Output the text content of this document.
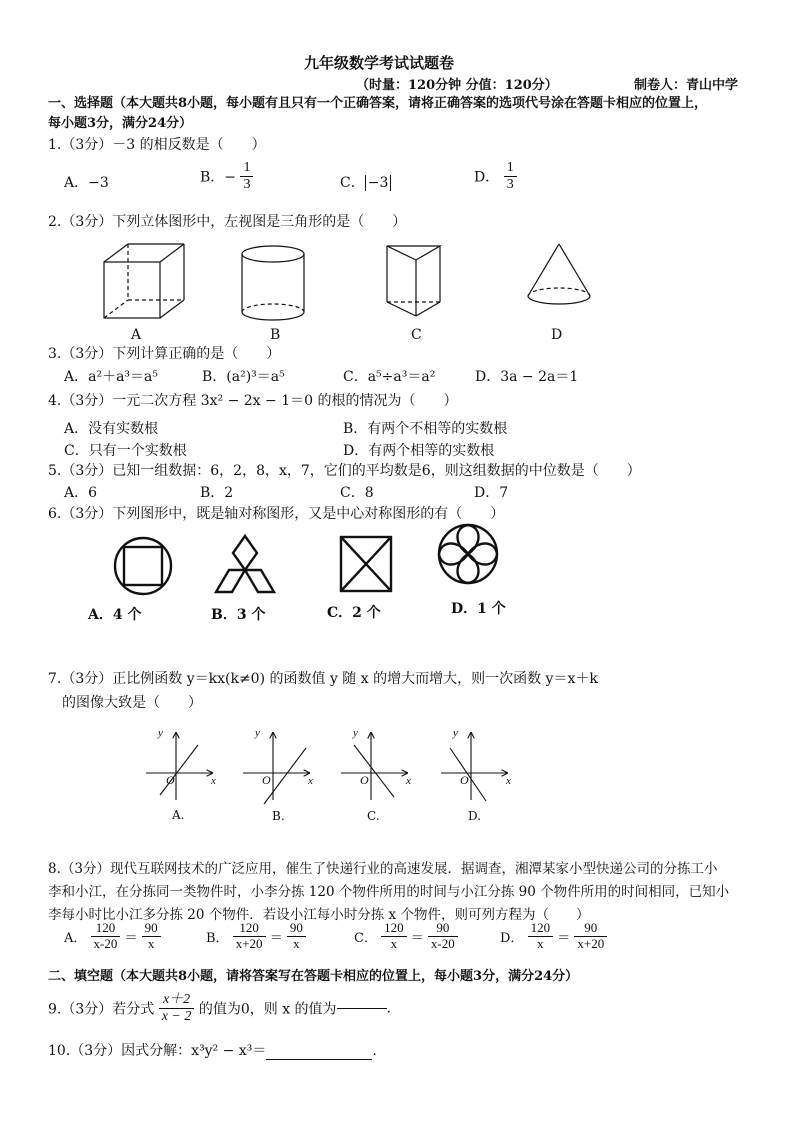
九年级数学考试试题卷
（时量：120分钟 分值：120分）	制卷人：青山中学
一、选择题（本大题共8小题，每小题有且只有一个正确答案，请将正确答案的选项代号涂在答题卡相应的位置上，
每小题3分，满分24分）
1.（3分）－3 的相反数是（　　）
A．−3	B．− $\frac{1}{3}$	C． −3	D． $\frac{1}{3}$
2.（3分）下列立体图形中，左视图是三角形的是（　　）
A	B	C	D
3.（3分）下列计算正确的是（　　）
A．a²＋a³＝a⁵	B．(a²)³＝a⁵	C．a⁵÷a³＝a²	D．3a − 2a＝1
4.（3分）一元二次方程 3x² − 2x − 1＝0 的根的情况为（　　）
A．没有实数根	B．有两个不相等的实数根
C．只有一个实数根	D．有两个相等的实数根
5.（3分）已知一组数据：6，2，8，x，7，它们的平均数是6，则这组数据的中位数是（　　）
A．6	B．2	C．8	D．7
6.（3分）下列图形中，既是轴对称图形，又是中心对称图形的有（　　）
A．4 个	B．3 个	C．2 个	D．1 个
7.（3分）正比例函数 y＝kx(k≠0) 的函数值 y 随 x 的增大而增大，则一次函数 y＝x＋k
的图像大致是（　　）
y
x
O
y
x
O
y
x
O
y
x
O
A.	B.	C.	D.
8.（3分）现代互联网技术的广泛应用，催生了快递行业的高速发展．据调查，湘潭某家小型快递公司的分拣工小
李和小江，在分拣同一类物件时，小李分拣 120 个物件所用的时间与小江分拣 90 个物件所用的时间相同，已知小
李每小时比小江多分拣 20 个物件．若设小江每小时分拣 x 个物件，则可列方程为（　　）
A． $\frac{120}{x-20} = \frac{90}{x}$	B． $\frac{120}{x+20} = \frac{90}{x}$	C． $\frac{120}{x} = \frac{90}{x-20}$	D． $\frac{120}{x} = \frac{90}{x+20}$
二、填空题（本大题共8小题，请将答案写在答题卡相应的位置上，每小题3分，满分24分）
9.（3分）若分式 $\frac{x+2}{x - 2}$ 的值为0，则 x 的值为	.
10.（3分）因式分解：x³y² − x³＝	.
